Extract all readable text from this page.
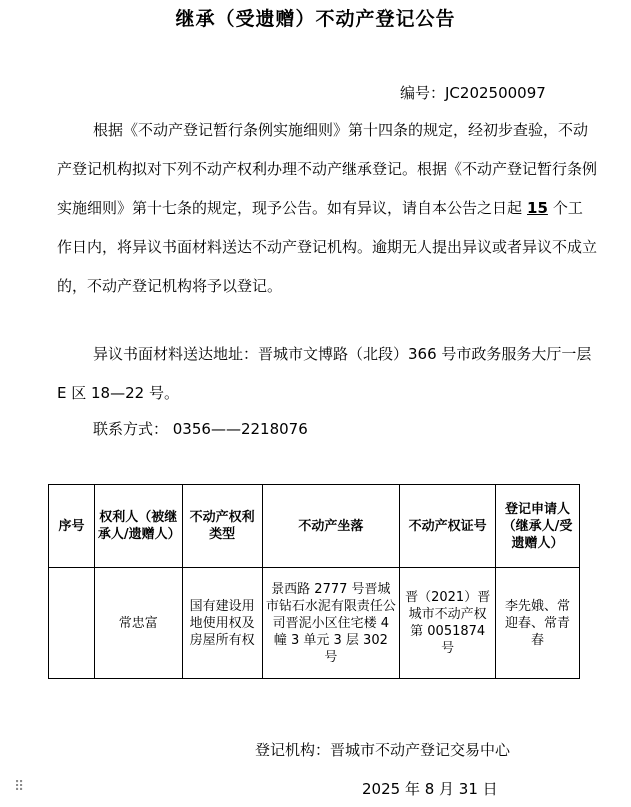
继承（受遗赠）不动产登记公告
编号：JC202500097
根据《不动产登记暂行条例实施细则》第十四条的规定，经初步查验，不动产登记机构拟对下列不动产权利办理不动产继承登记。根据《不动产登记暂行条例实施细则》第十七条的规定，现予公告。如有异议，请自本公告之日起 15 个工作日内，将异议书面材料送达不动产登记机构。逾期无人提出异议或者异议不成立的，不动产登记机构将予以登记。
异议书面材料送达地址：晋城市文博路（北段）366 号市政务服务大厅一层 E 区 18—22 号。
联系方式： 0356——2218076
序号	权利人（被继承人/遗赠人）	不动产权利类型	不动产坐落	不动产权证号	登记申请人（继承人/受遗赠人）
	常忠富	国有建设用地使用权及房屋所有权	景西路 2777 号晋城市钻石水泥有限责任公司晋泥小区住宅楼 4 幢 3 单元 3 层 302 号	晋（2021）晋城市不动产权第 0051874 号	李先娥、常迎春、常青春
登记机构：晋城市不动产登记交易中心
2025 年 8 月 31 日
⠿
